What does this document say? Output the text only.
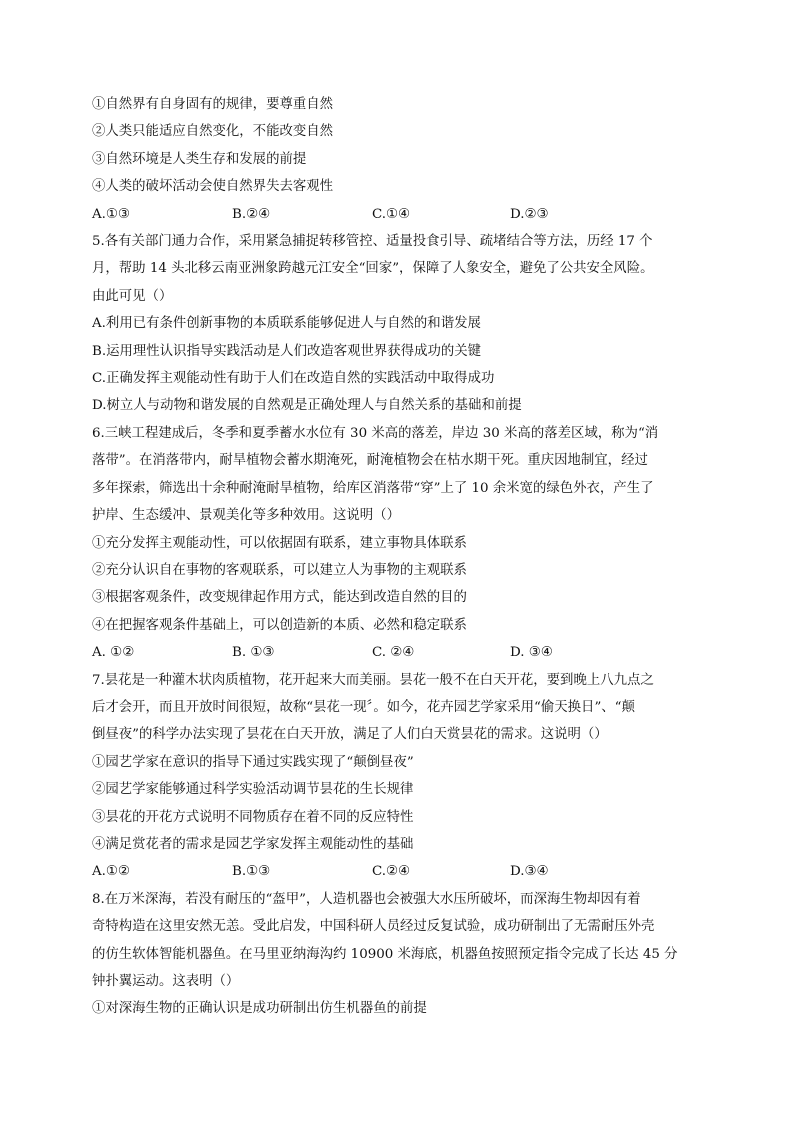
①自然界有自身固有的规律，要尊重自然
②人类只能适应自然变化，不能改变自然
③自然环境是人类生存和发展的前提
④人类的破坏活动会使自然界失去客观性
A.①③	B.②④	C.①④	D.②③
5.各有关部门通力合作，采用紧急捕捉转移管控、适量投食引导、疏堵结合等方法，历经 17 个
月，帮助 14 头北移云南亚洲象跨越元江安全“回家”，保障了人象安全，避免了公共安全风险。
由此可见（）
A.利用已有条件创新事物的本质联系能够促进人与自然的和谐发展
B.运用理性认识指导实践活动是人们改造客观世界获得成功的关键
C.正确发挥主观能动性有助于人们在改造自然的实践活动中取得成功
D.树立人与动物和谐发展的自然观是正确处理人与自然关系的基础和前提
6.三峡工程建成后，冬季和夏季蓄水水位有 30 米高的落差，岸边 30 米高的落差区域，称为“消
落带”。在消落带内，耐旱植物会蓄水期淹死，耐淹植物会在枯水期干死。重庆因地制宜，经过
多年探索，筛选出十余种耐淹耐旱植物，给库区消落带“穿”上了 10 余米宽的绿色外衣，产生了
护岸、生态缓冲、景观美化等多种效用。这说明（）
①充分发挥主观能动性，可以依据固有联系，建立事物具体联系
②充分认识自在事物的客观联系，可以建立人为事物的主观联系
③根据客观条件，改变规律起作用方式，能达到改造自然的目的
④在把握客观条件基础上，可以创造新的本质、必然和稳定联系
A. ①②	B. ①③	C. ②④	D. ③④
7.昙花是一种灌木状肉质植物，花开起来大而美丽。昙花一般不在白天开花，要到晚上八九点之
后才会开，而且开放时间很短，故称“昙花一现〞。如今，花卉园艺学家采用“偷天换日”、“颠
倒昼夜”的科学办法实现了昙花在白天开放，满足了人们白天赏昙花的需求。这说明（）
①园艺学家在意识的指导下通过实践实现了“颠倒昼夜”
②园艺学家能够通过科学实验活动调节昙花的生长规律
③昙花的开花方式说明不同物质存在着不同的反应特性
④满足赏花者的需求是园艺学家发挥主观能动性的基础
A.①②	B.①③	C.②④	D.③④
8.在万米深海，若没有耐压的“盔甲”，人造机器也会被强大水压所破坏，而深海生物却因有着
奇特构造在这里安然无恙。受此启发，中国科研人员经过反复试验，成功研制出了无需耐压外壳
的仿生软体智能机器鱼。在马里亚纳海沟约 10900 米海底，机器鱼按照预定指令完成了长达 45 分
钟扑翼运动。这表明（）
①对深海生物的正确认识是成功研制出仿生机器鱼的前提
